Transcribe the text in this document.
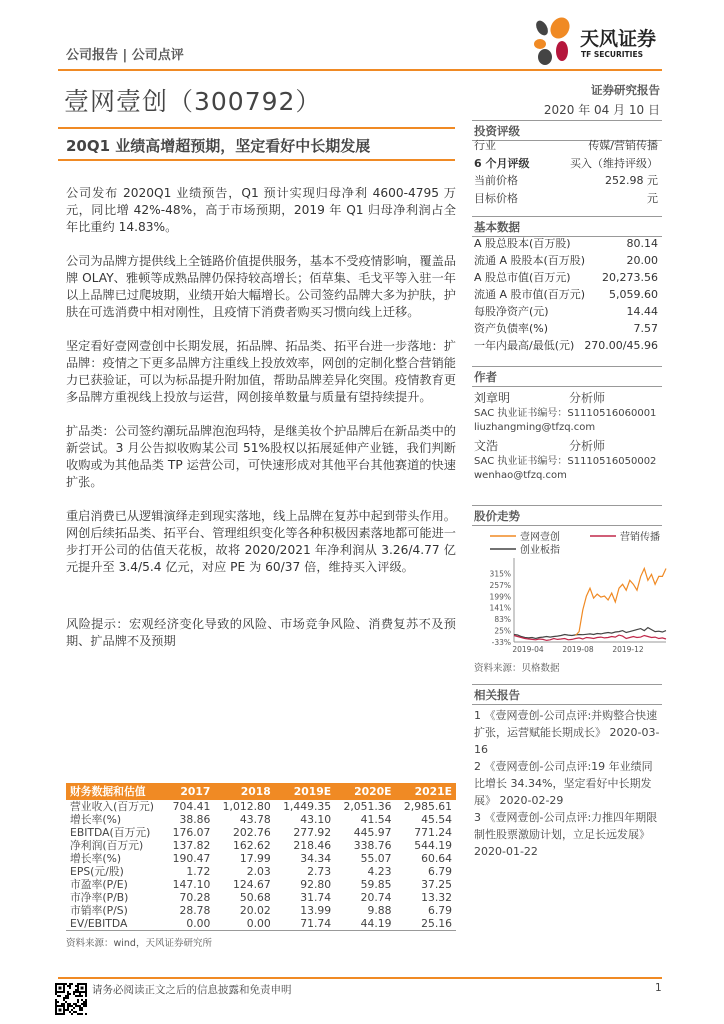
公司报告 | 公司点评
天风证券
TF SECURITIES
壹网壹创（300792）	证券研究报告
2020 年 04 月 10 日
20Q1 业绩高增超预期，坚定看好中长期发展

公司发布 2020Q1 业绩预告，Q1 预计实现归母净利 4600-4795 万元，同比增 42%-48%，高于市场预期，2019 年 Q1 归母净利润占全年比重约 14.83%。

公司为品牌方提供线上全链路价值提供服务，基本不受疫情影响，覆盖品牌 OLAY、雅顿等成熟品牌仍保持较高增长；佰草集、毛戈平等入驻一年以上品牌已过爬坡期，业绩开始大幅增长。公司签约品牌大多为护肤，护肤在可选消费中相对刚性，且疫情下消费者购买习惯向线上迁移。

坚定看好壹网壹创中长期发展，拓品牌、拓品类、拓平台进一步落地：扩品牌：疫情之下更多品牌方注重线上投放效率，网创的定制化整合营销能力已获验证，可以为标品提升附加值，帮助品牌差异化突围。疫情教育更多品牌方重视线上投放与运营，网创接单数量与质量有望持续提升。

扩品类：公司签约潮玩品牌泡泡玛特，是继美妆个护品牌后在新品类中的新尝试。3 月公告拟收购某公司 51%股权以拓展延伸产业链，我们判断收购或为其他品类 TP 运营公司，可快速形成对其他平台其他赛道的快速扩张。

重启消费已从逻辑演绎走到现实落地，线上品牌在复苏中起到带头作用。网创后续拓品类、拓平台、管理组织变化等各种积极因素落地都可能进一步打开公司的估值天花板，故将 2020/2021 年净利润从 3.26/4.77 亿元提升至 3.4/5.4 亿元，对应 PE 为 60/37 倍，维持买入评级。

风险提示：宏观经济变化导致的风险、市场竞争风险、消费复苏不及预期、扩品牌不及预期

投资评级
行业	传媒/营销传播
6 个月评级	买入（维持评级）
当前价格	252.98 元
目标价格	元
基本数据
A 股总股本(百万股)	80.14
流通 A 股股本(百万股)	20.00
A 股总市值(百万元)	20,273.56
流通 A 股市值(百万元) 5,059.60
每股净资产(元)	14.44
资产负债率(%)	7.57
一年内最高/最低(元) 270.00/45.96
作者
刘章明	分析师
SAC 执业证书编号：S1110516060001
liuzhangming@tfzq.com
文浩	分析师
SAC 执业证书编号：S1110516050002
wenhao@tfzq.com
股价走势
壹网壹创	营销传播
创业板指
315%
257%
199%
141%
83%
25%
-33%
2019-04 2019-08 2019-12
资料来源：贝格数据
相关报告
1 《壹网壹创-公司点评:并购整合快速扩张，运营赋能长期成长》 2020-03-16
2 《壹网壹创-公司点评:19 年业绩同比增长 34.34%，坚定看好中长期发展》 2020-02-29
3 《壹网壹创-公司点评:力推四年期限制性股票激励计划，立足长远发展》 2020-01-22
财务数据和估值	2017	2018	2019E	2020E	2021E
营业收入(百万元)	704.41	1,012.80	1,449.35	2,051.36	2,985.61
增长率(%)	38.86	43.78	43.10	41.54	45.54
EBITDA(百万元)	176.07	202.76	277.92	445.97	771.24
净利润(百万元)	137.82	162.62	218.46	338.76	544.19
增长率(%)	190.47	17.99	34.34	55.07	60.64
EPS(元/股)	1.72	2.03	2.73	4.23	6.79
市盈率(P/E)	147.10	124.67	92.80	59.85	37.25
市净率(P/B)	70.28	50.68	31.74	20.74	13.32
市销率(P/S)	28.78	20.02	13.99	9.88	6.79
EV/EBITDA	0.00	0.00	71.74	44.19	25.16
资料来源：wind，天风证券研究所
请务必阅读正文之后的信息披露和免责申明	1
